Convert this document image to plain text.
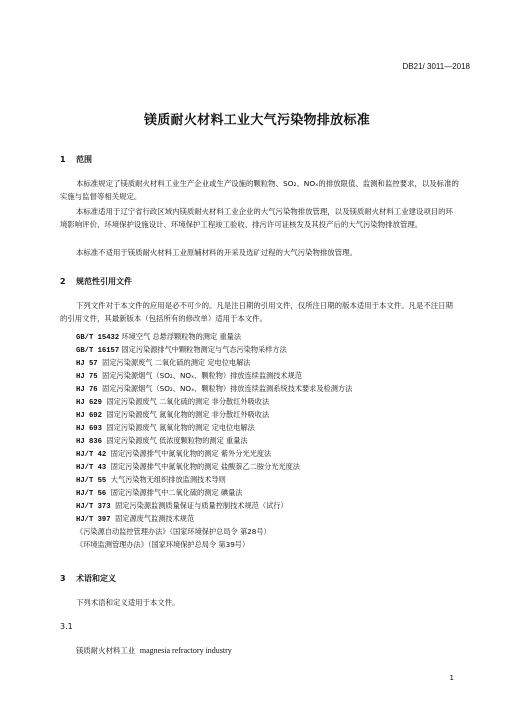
DB21/ 3011—2018
镁质耐火材料工业大气污染物排放标准
1 范围
本标准规定了镁质耐火材料工业生产企业或生产设施的颗粒物、SO₂、NOₓ的排放限值、监测和监控要求，以及标准的实施与监督等相关规定。
本标准适用于辽宁省行政区域内镁质耐火材料工业企业的大气污染物排放管理，以及镁质耐火材料工业建设项目的环境影响评价、环境保护设施设计、环境保护工程竣工验收、排污许可证核发及其投产后的大气污染物排放管理。
本标准不适用于镁质耐火材料工业原辅材料的开采及选矿过程的大气污染物排放管理。
2 规范性引用文件
下列文件对于本文件的应用是必不可少的。凡是注日期的引用文件，仅所注日期的版本适用于本文件。凡是不注日期的引用文件，其最新版本（包括所有的修改单）适用于本文件。
GB/T 15432 环境空气 总悬浮颗粒物的测定 重量法
GB/T 16157 固定污染源排气中颗粒物测定与气态污染物采样方法
HJ 57 固定污染源废气 二氧化硫的测定 定电位电解法
HJ 75 固定污染源烟气（SO₂、NOₓ、颗粒物）排放连续监测技术规范
HJ 76 固定污染源烟气（SO₂、NOₓ、颗粒物）排放连续监测系统技术要求及检测方法
HJ 629 固定污染源废气 二氧化硫的测定 非分散红外吸收法
HJ 692 固定污染源废气 氮氧化物的测定 非分散红外吸收法
HJ 693 固定污染源废气 氮氧化物的测定 定电位电解法
HJ 836 固定污染源废气 低浓度颗粒物的测定 重量法
HJ/T 42 固定污染源排气中氮氧化物的测定 紫外分光光度法
HJ/T 43 固定污染源排气中氮氧化物的测定 盐酸萘乙二胺分光光度法
HJ/T 55 大气污染物无组织排放监测技术导则
HJ/T 56 固定污染源排气中二氧化硫的测定 碘量法
HJ/T 373 固定污染源监测质量保证与质量控制技术规范（试行）
HJ/T 397 固定源废气监测技术规范
《污染源自动监控管理办法》（国家环境保护总局令 第28号）
《环境监测管理办法》（国家环境保护总局令 第39号）
3 术语和定义
下列术语和定义适用于本文件。
3.1
镁质耐火材料工业 magnesia refractory industry
1
